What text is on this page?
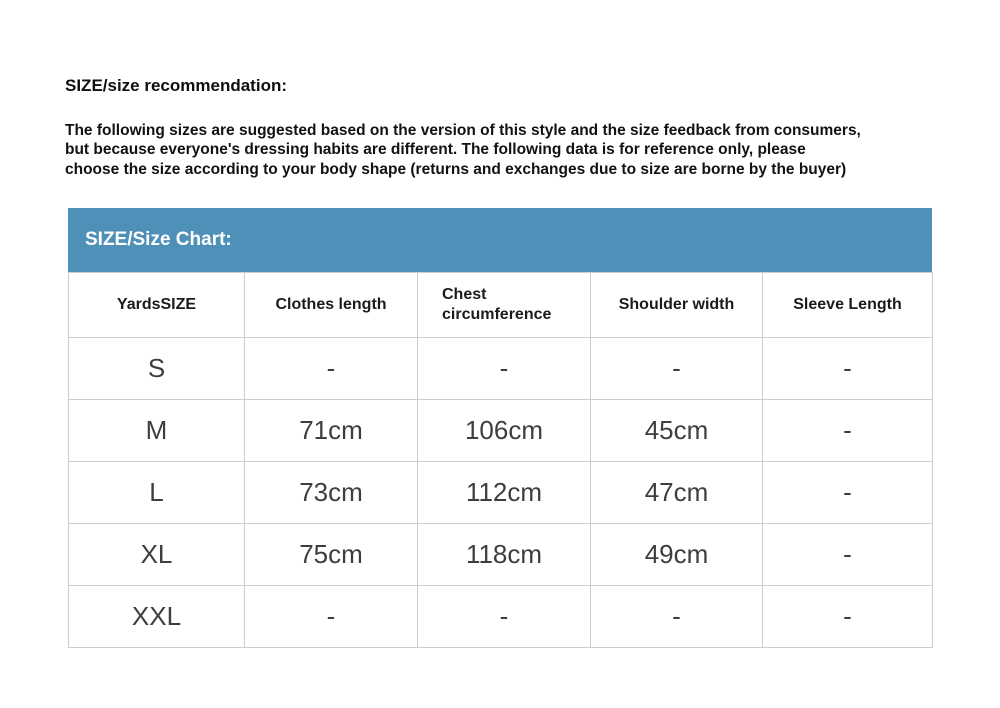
SIZE/size recommendation:
The following sizes are suggested based on the version of this style and the size feedback from consumers,
but because everyone's dressing habits are different. The following data is for reference only, please
choose the size according to your body shape (returns and exchanges due to size are borne by the buyer)
SIZE/Size Chart:
YardsSIZE	Clothes length	Chest circumference	Shoulder width	Sleeve Length
S	-	-	-	-
M	71cm	106cm	45cm	-
L	73cm	112cm	47cm	-
XL	75cm	118cm	49cm	-
XXL	-	-	-	-
